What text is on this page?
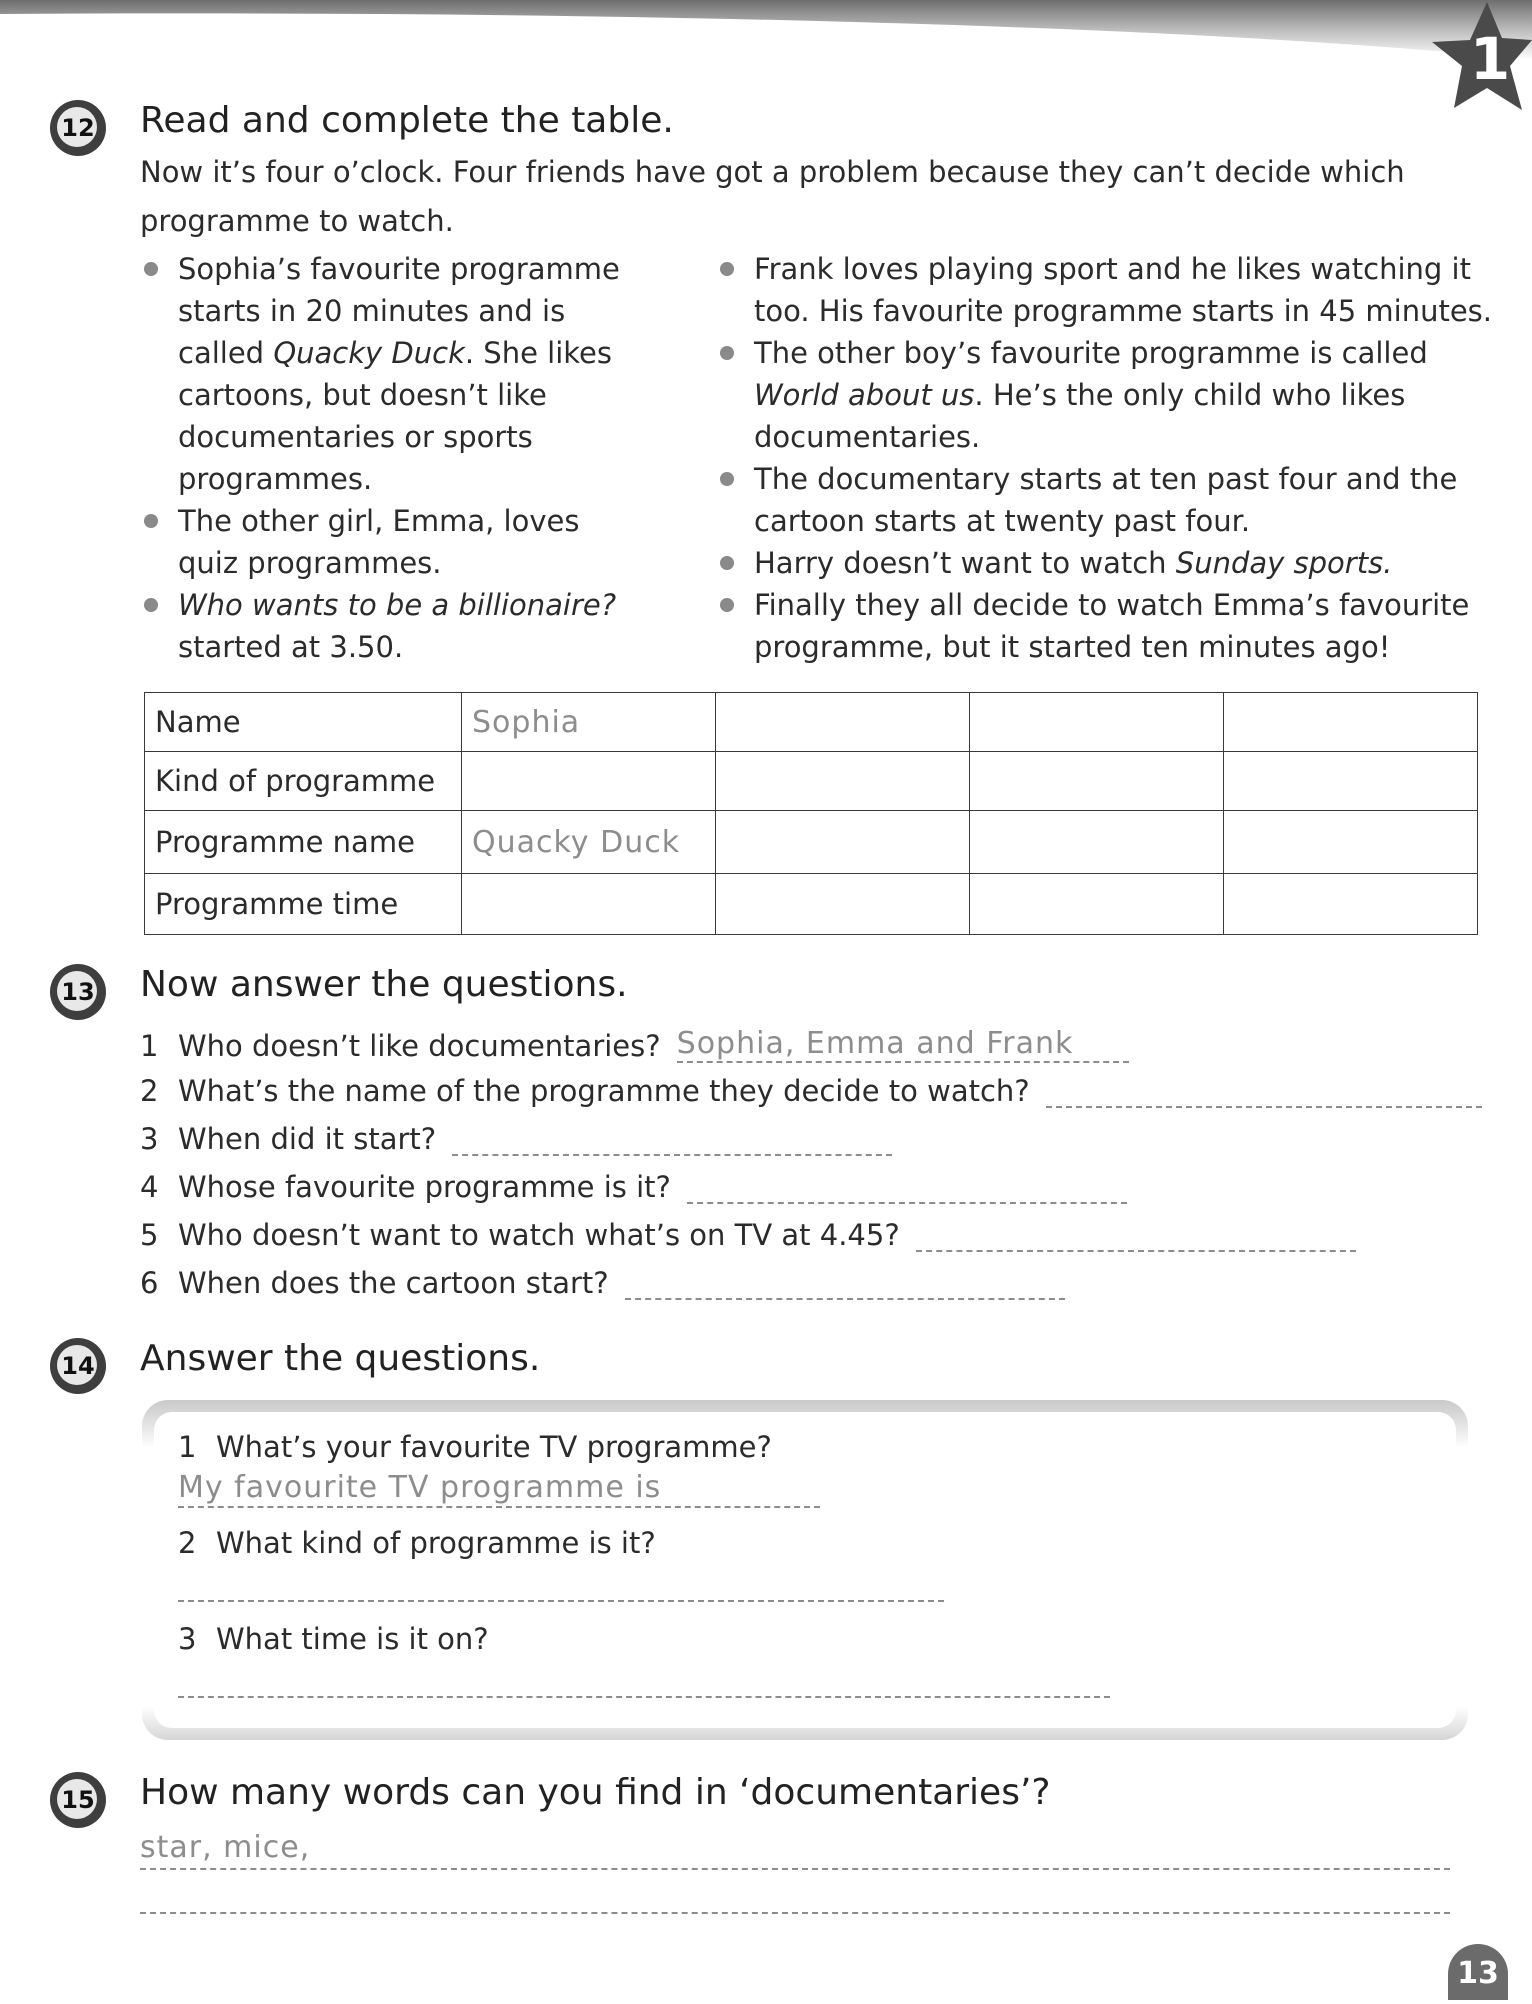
1
12	Read and complete the table.
Now it’s four o’clock. Four friends have got a problem because they can’t decide which
programme to watch.
Sophia’s favourite programme
starts in 20 minutes and is
called Quacky Duck. She likes
cartoons, but doesn’t like
documentaries or sports
programmes.
The other girl, Emma, loves
quiz programmes.
Who wants to be a billionaire?
started at 3.50.
Frank loves playing sport and he likes watching it
too. His favourite programme starts in 45 minutes.
The other boy’s favourite programme is called
World about us. He’s the only child who likes
documentaries.
The documentary starts at ten past four and the
cartoon starts at twenty past four.
Harry doesn’t want to watch Sunday sports.
Finally they all decide to watch Emma’s favourite
programme, but it started ten minutes ago!
Name	Sophia			
Kind of programme				
Programme name	Quacky Duck			
Programme time				
13	Now answer the questions.
1 Who doesn’t like documentaries? Sophia, Emma and Frank
2 What’s the name of the programme they decide to watch?
3 When did it start?
4 Whose favourite programme is it?
5 Who doesn’t want to watch what’s on TV at 4.45?
6 When does the cartoon start?
14	Answer the questions.
1 What’s your favourite TV programme?
My favourite TV programme is
2 What kind of programme is it?
3 What time is it on?
15	How many words can you find in ‘documentaries’?
star, mice,
13
